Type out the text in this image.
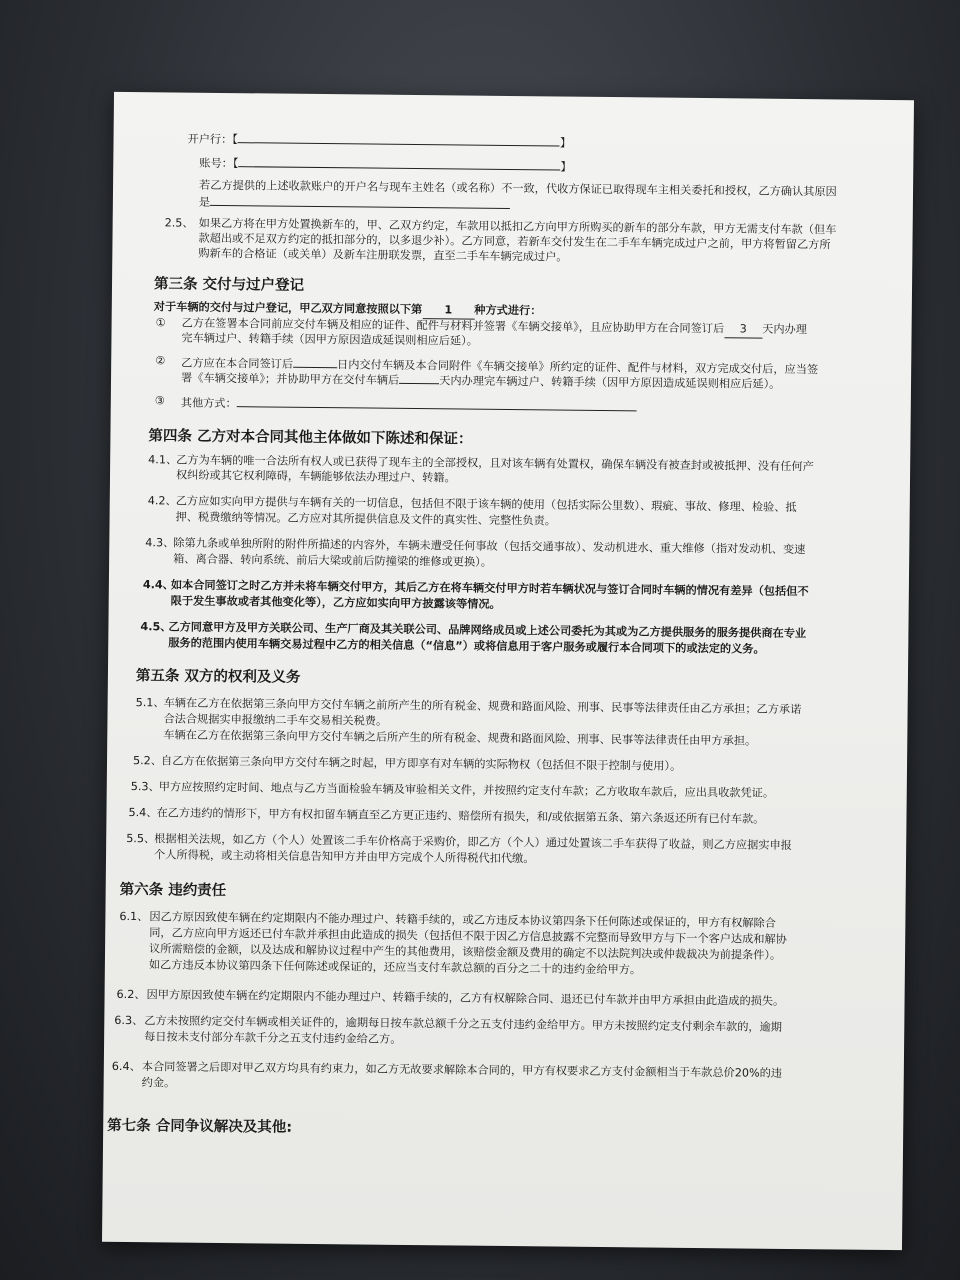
开户行：【	】
账号：【	】
若乙方提供的上述收款账户的开户名与现车主姓名（或名称）不一致，代收方保证已取得现车主相关委托和授权，乙方确认其原因
是
2.5、 如果乙方将在甲方处置换新车的，甲、乙双方约定，车款用以抵扣乙方向甲方所购买的新车的部分车款，甲方无需支付车款（但车
款超出或不足双方约定的抵扣部分的，以多退少补）。乙方同意，若新车交付发生在二手车车辆完成过户之前，甲方将暂留乙方所
购新车的合格证（或关单）及新车注册联发票，直至二手车车辆完成过户。
第三条 交付与过户登记
对于车辆的交付与过户登记，甲乙双方同意按照以下第 1 种方式进行：
① 乙方在签署本合同前应交付车辆及相应的证件、配件与材料并签署《车辆交接单》，且应协助甲方在合同签订后 3 天内办理
完车辆过户、转籍手续（因甲方原因造成延误则相应后延）。
② 乙方应在本合同签订后	日内交付车辆及本合同附件《车辆交接单》所约定的证件、配件与材料，双方完成交付后，应当签
署《车辆交接单》；并协助甲方在交付车辆后	天内办理完车辆过户、转籍手续（因甲方原因造成延误则相应后延）。
③ 其他方式：
第四条 乙方对本合同其他主体做如下陈述和保证：
4.1、
乙方为车辆的唯一合法所有权人或已获得了现车主的全部授权，且对该车辆有处置权，确保车辆没有被查封或被抵押、没有任何产
权纠纷或其它权利障碍，车辆能够依法办理过户、转籍。
4.2、
乙方应如实向甲方提供与车辆有关的一切信息，包括但不限于该车辆的使用（包括实际公里数）、瑕疵、事故、修理、检验、抵
押、税费缴纳等情况。乙方应对其所提供信息及文件的真实性、完整性负责。
4.3、
除第九条或单独所附的附件所描述的内容外，车辆未遭受任何事故（包括交通事故）、发动机进水、重大维修（指对发动机、变速
箱、离合器、转向系统、前后大梁或前后防撞梁的维修或更换）。
4.4、
如本合同签订之时乙方并未将车辆交付甲方，其后乙方在将车辆交付甲方时若车辆状况与签订合同时车辆的情况有差异（包括但不
限于发生事故或者其他变化等），乙方应如实向甲方披露该等情况。
4.5、
乙方同意甲方及甲方关联公司、生产厂商及其关联公司、品牌网络成员或上述公司委托为其或为乙方提供服务的服务提供商在专业
服务的范围内使用车辆交易过程中乙方的相关信息（“信息”）或将信息用于客户服务或履行本合同项下的或法定的义务。
第五条 双方的权利及义务
5.1、
车辆在乙方在依据第三条向甲方交付车辆之前所产生的所有税金、规费和路面风险、刑事、民事等法律责任由乙方承担；乙方承诺
合法合规据实申报缴纳二手车交易相关税费。
车辆在乙方在依据第三条向甲方交付车辆之后所产生的所有税金、规费和路面风险、刑事、民事等法律责任由甲方承担。
5.2、
自乙方在依据第三条向甲方交付车辆之时起，甲方即享有对车辆的实际物权（包括但不限于控制与使用）。
5.3、
甲方应按照约定时间、地点与乙方当面检验车辆及审验相关文件，并按照约定支付车款；乙方收取车款后，应出具收款凭证。
5.4、
在乙方违约的情形下，甲方有权扣留车辆直至乙方更正违约、赔偿所有损失，和/或依据第五条、第六条返还所有已付车款。
5.5、
根据相关法规，如乙方（个人）处置该二手车价格高于采购价，即乙方（个人）通过处置该二手车获得了收益，则乙方应据实申报
个人所得税，或主动将相关信息告知甲方并由甲方完成个人所得税代扣代缴。
第六条 违约责任
6.1、 因乙方原因致使车辆在约定期限内不能办理过户、转籍手续的，或乙方违反本协议第四条下任何陈述或保证的，甲方有权解除合
同，乙方应向甲方返还已付车款并承担由此造成的损失（包括但不限于因乙方信息披露不完整而导致甲方与下一个客户达成和解协
议所需赔偿的金额，以及达成和解协议过程中产生的其他费用，该赔偿金额及费用的确定不以法院判决或仲裁裁决为前提条件）。
如乙方违反本协议第四条下任何陈述或保证的，还应当支付车款总额的百分之二十的违约金给甲方。
6.2、 因甲方原因致使车辆在约定期限内不能办理过户、转籍手续的，乙方有权解除合同、退还已付车款并由甲方承担由此造成的损失。
6.3、 乙方未按照约定交付车辆或相关证件的，逾期每日按车款总额千分之五支付违约金给甲方。甲方未按照约定支付剩余车款的，逾期
每日按未支付部分车款千分之五支付违约金给乙方。
6.4、 本合同签署之后即对甲乙双方均具有约束力，如乙方无故要求解除本合同的，甲方有权要求乙方支付金额相当于车款总价20%的违
约金。
第七条 合同争议解决及其他:
